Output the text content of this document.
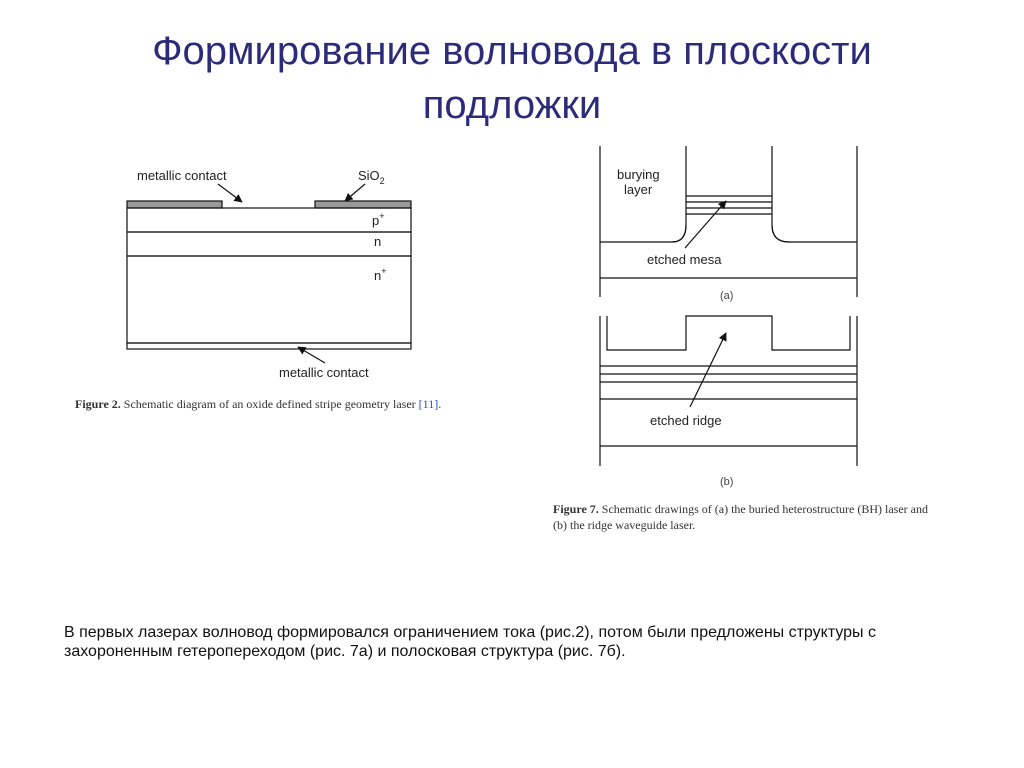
Формирование волновода в плоскости
подложки
metallic contact	SiO$_2$
p+
n
n+
metallic contact
burying
layer
etched mesa
(a)
etched ridge
(b)
Figure 2. Schematic diagram of an oxide defined stripe geometry laser [11].
Figure 7. Schematic drawings of (a) the buried heterostructure (BH) laser and (b) the ridge waveguide laser.
В первых лазерах волновод формировался ограничением тока (рис.2), потом были предложены структуры с захороненным гетеропереходом (рис. 7а) и полосковая структура (рис. 7б).
